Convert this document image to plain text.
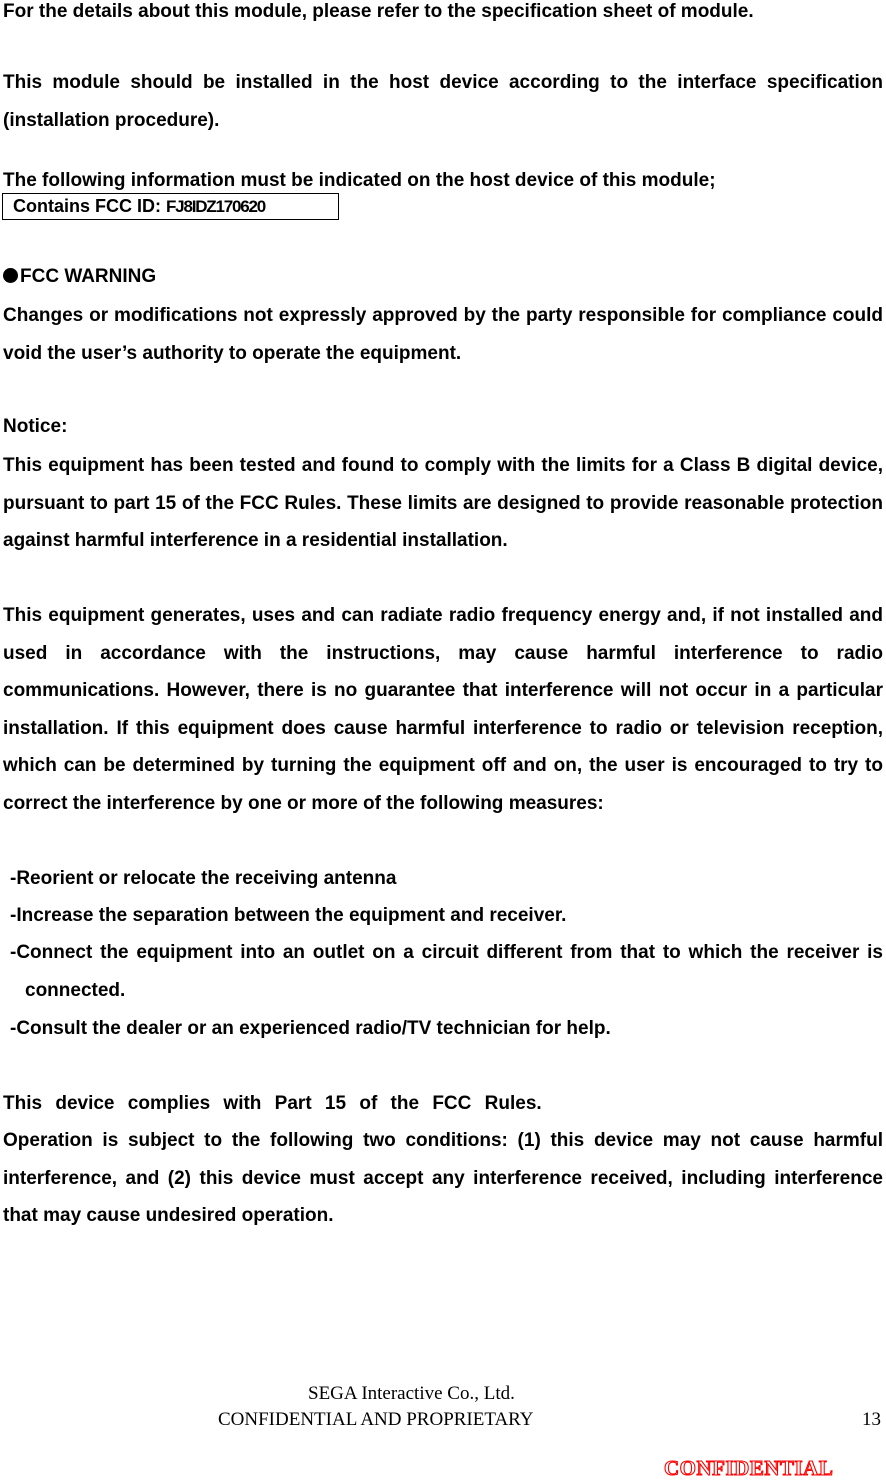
For the details about this module, please refer to the specification sheet of module.

This module should be installed in the host device according to the interface specification (installation procedure).

The following information must be indicated on the host device of this module;

Contains FCC ID: FJ8IDZ170620

FCC WARNING

Changes or modifications not expressly approved by the party responsible for compliance could void the user’s authority to operate the equipment.

Notice:

This equipment has been tested and found to comply with the limits for a Class B digital device, pursuant to part 15 of the FCC Rules. These limits are designed to provide reasonable protection against harmful interference in a residential installation.

This equipment generates, uses and can radiate radio frequency energy and, if not installed and used in accordance with the instructions, may cause harmful interference to radio communications. However, there is no guarantee that interference will not occur in a particular installation. If this equipment does cause harmful interference to radio or television reception, which can be determined by turning the equipment off and on, the user is encouraged to try to correct the interference by one or more of the following measures:

-Reorient or relocate the receiving antenna

-Increase the separation between the equipment and receiver.

-Connect the equipment into an outlet on a circuit different from that to which the receiver is connected.

-Consult the dealer or an experienced radio/TV technician for help.

This device complies with Part 15 of the FCC Rules.

Operation is subject to the following two conditions: (1) this device may not cause harmful interference, and (2) this device must accept any interference received, including interference that may cause undesired operation.

SEGA Interactive Co., Ltd.
CONFIDENTIAL AND PROPRIETARY	13
CONFIDENTIAL
